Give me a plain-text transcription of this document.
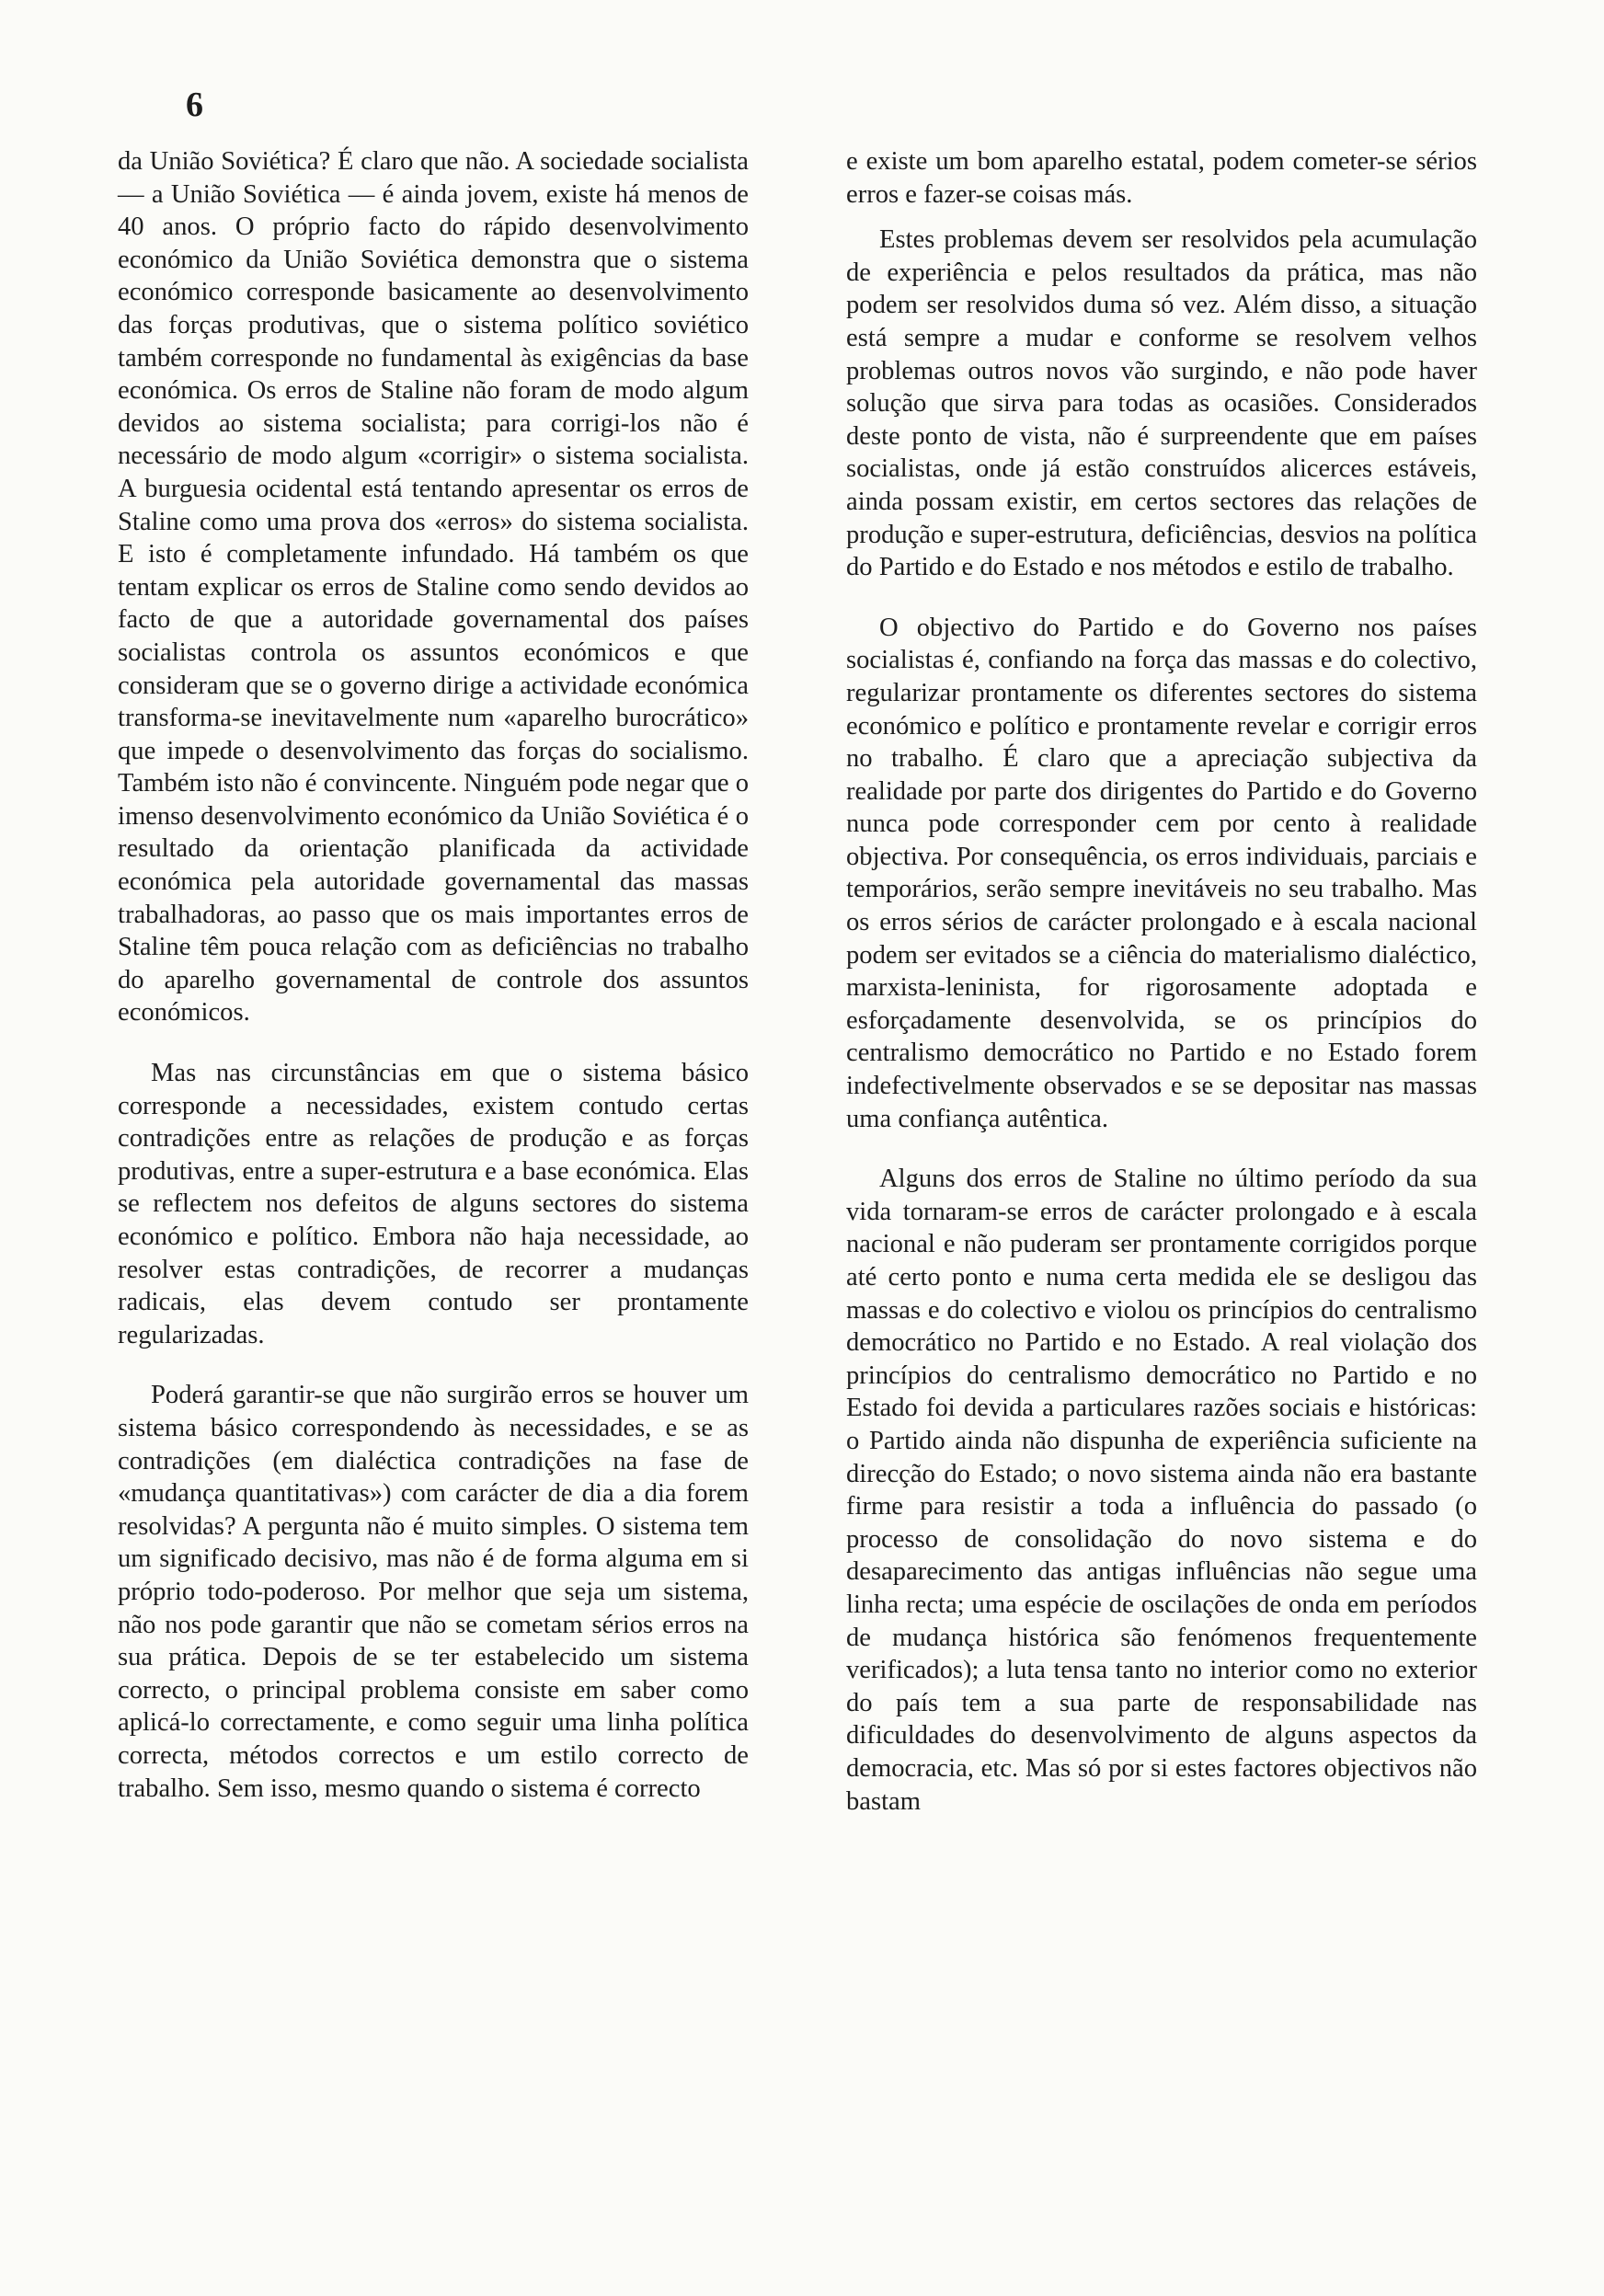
6

da União Soviética? É claro que não. A sociedade socialista — a União Soviética — é ainda jovem, existe há menos de 40 anos. O próprio facto do rápido desenvolvimento económico da União Soviética demonstra que o sistema económico corresponde basicamente ao desenvolvimento das forças produtivas, que o sistema político soviético também corresponde no fundamental às exigências da base económica. Os erros de Staline não foram de modo algum devidos ao sistema socialista; para corrigi-los não é necessário de modo algum «corrigir» o sistema socialista. A burguesia ocidental está tentando apresentar os erros de Staline como uma prova dos «erros» do sistema socialista. E isto é completamente infundado. Há também os que tentam explicar os erros de Staline como sendo devidos ao facto de que a autoridade governamental dos países socialistas controla os assuntos económicos e que consideram que se o governo dirige a actividade económica transforma-se inevitavelmente num «aparelho burocrático» que impede o desenvolvimento das forças do socialismo. Também isto não é convincente. Ninguém pode negar que o imenso desenvolvimento económico da União Soviética é o resultado da orientação planificada da actividade económica pela autoridade governamental das massas trabalhadoras, ao passo que os mais importantes erros de Staline têm pouca relação com as deficiências no trabalho do aparelho governamental de controle dos assuntos económicos.

Mas nas circunstâncias em que o sistema básico corresponde a necessidades, existem contudo certas contradições entre as relações de produção e as forças produtivas, entre a super-estrutura e a base económica. Elas se reflectem nos defeitos de alguns sectores do sistema económico e político. Embora não haja necessidade, ao resolver estas contradições, de recorrer a mudanças radicais, elas devem contudo ser prontamente regularizadas.

Poderá garantir-se que não surgirão erros se houver um sistema básico correspondendo às necessidades, e se as contradições (em dialéctica contradições na fase de «mudança quantitativas») com carácter de dia a dia forem resolvidas? A pergunta não é muito simples. O sistema tem um significado decisivo, mas não é de forma alguma em si próprio todo-poderoso. Por melhor que seja um sistema, não nos pode garantir que não se cometam sérios erros na sua prática. Depois de se ter estabelecido um sistema correcto, o principal problema consiste em saber como aplicá-lo correctamente, e como seguir uma linha política correcta, métodos correctos e um estilo correcto de trabalho. Sem isso, mesmo quando o sistema é correcto

e existe um bom aparelho estatal, podem cometer-se sérios erros e fazer-se coisas más.

Estes problemas devem ser resolvidos pela acumulação de experiência e pelos resultados da prática, mas não podem ser resolvidos duma só vez. Além disso, a situação está sempre a mudar e conforme se resolvem velhos problemas outros novos vão surgindo, e não pode haver solução que sirva para todas as ocasiões. Considerados deste ponto de vista, não é surpreendente que em países socialistas, onde já estão construídos alicerces estáveis, ainda possam existir, em certos sectores das relações de produção e super-estrutura, deficiências, desvios na política do Partido e do Estado e nos métodos e estilo de trabalho.

O objectivo do Partido e do Governo nos países socialistas é, confiando na força das massas e do colectivo, regularizar prontamente os diferentes sectores do sistema económico e político e prontamente revelar e corrigir erros no trabalho. É claro que a apreciação subjectiva da realidade por parte dos dirigentes do Partido e do Governo nunca pode corresponder cem por cento à realidade objectiva. Por consequência, os erros individuais, parciais e temporários, serão sempre inevitáveis no seu trabalho. Mas os erros sérios de carácter prolongado e à escala nacional podem ser evitados se a ciência do materialismo dialéctico, marxista-leninista, for rigorosamente adoptada e esforçadamente desenvolvida, se os princípios do centralismo democrático no Partido e no Estado forem indefectivelmente observados e se se depositar nas massas uma confiança autêntica.

Alguns dos erros de Staline no último período da sua vida tornaram-se erros de carácter prolongado e à escala nacional e não puderam ser prontamente corrigidos porque até certo ponto e numa certa medida ele se desligou das massas e do colectivo e violou os princípios do centralismo democrático no Partido e no Estado. A real violação dos princípios do centralismo democrático no Partido e no Estado foi devida a particulares razões sociais e históricas: o Partido ainda não dispunha de experiência suficiente na direcção do Estado; o novo sistema ainda não era bastante firme para resistir a toda a influência do passado (o processo de consolidação do novo sistema e do desaparecimento das antigas influências não segue uma linha recta; uma espécie de oscilações de onda em períodos de mudança histórica são fenómenos frequentemente verificados); a luta tensa tanto no interior como no exterior do país tem a sua parte de responsabilidade nas dificuldades do desenvolvimento de alguns aspectos da democracia, etc. Mas só por si estes factores objectivos não bastam
